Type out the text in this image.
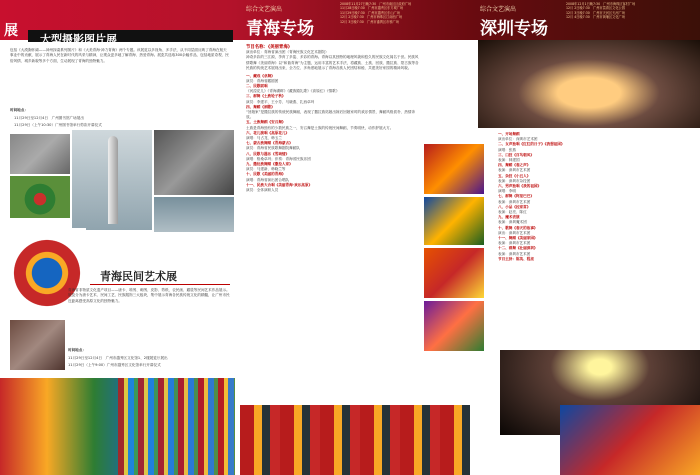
展
大型摄影图片展
包括《大漠胸怀阔——神州探索系列图片》和《大美青海·神力青海》两个专题。该展览以多视角、多手法，从不同层面反映了青海在航天事业中的贡献，展示了青海人民在新时代的风采与精神，让观众更多地了解青海、热爱青海。展览共选取300余幅作品，包括地质奇观、民俗风情、城乡新貌等多个方面，生动展现了青海的独特魅力。
时间地点：
11月29日至12月4日　广州图书馆广场展出
11月29日（上午10:30）广州图书馆举行剪彩开幕仪式
青海民间艺术展
青海省非物质文化遗产项目——唐卡、堆绣、刺绣、皮影、剪纸、农民画、藏毯等民间艺术作品展示。展览分为唐卡艺术、民间工艺、民族服饰三大板块，集中展示青海各民族传统文化的精髓，让广州市民近距离感受高原文化的独特魅力。
时间地点：
11月29日至12月4日　广州市越秀区文化馆1、2楼展览厅展出
11月29日（上午9:00）广州市越秀区文化馆举行开幕仪式
综合文艺演出
青海专场
2008年11月27日晚7:30　广州市南区区政府广场
11月28日晚7:30　广州市越秀区东方城广场
11月29日晚7:30　广州市越秀区东山广场
12月 2日晚7:30　广州市海珠区江南西广场
12月 3日晚7:30　广州市番禺区市桥广场
节目名称：《美丽青海》
演出单位：青海省演出团（青海民族文化艺术剧院）
神奇多彩的三江源，孕育了多姿、多彩的青海。青海以其独特的地理风貌和悠久的民族文化闻名于世。民族风情歌舞《美丽青海》以“和谐青海”为主题，运用丰富的艺术手法，将藏族、土族、回族、撒拉族、蒙古族等各民族的传统艺术展现出来，全方位、多角度地展示了青海各族人民团结和睦、共建美好家园的精神风貌。
一、藏戏《卓舞》
演员：青海省藏剧团
二、民歌联唱
《河湟花儿》《青海湖畔》《藏族婚礼歌》《高原红》《情歌》
三、群舞《土族轮子秋》
演员：李建平、王小芳、马晓燕、扎西卓玛
四、舞蹈《酒歌》
“回娘家”是撒拉族的传统民族舞蹈，表现了撒拉族姑娘出嫁后回娘家时的欢乐情景，舞蹈风格质朴、热情奔放。
五、土族舞蹈《安召舞》
土族是青海独有的少数民族之一，安召舞是土族的传统民间舞蹈，节奏明快，动作舒展大方。
六、花儿演唱《高原花儿》
演唱：马占龙、韩玉兰
七、蒙古族舞蹈《青海蒙古》
演员：青海省民族歌舞剧院舞蹈队
八、民歌与器乐《雪域情》
演唱：格桑卓玛；伴奏：青海省民族乐团
九、撒拉族舞蹈《撒拉人家》
演员：马建新、韩晓兰等
十、民歌《美丽的青海》
演唱：青海省演出团合唱队
十一、民族大合唱《美丽青海·欢乐高原》
演员：全体演职人员
综合文艺演出
深圳专场
2008年12月1日晚7:30　广州市海珠区客村广场
12月 2日晚7:30　广州市荔湾区文化公园
12月 3日晚7:30　广州市天河区天河广场
12月 4日晚7:30　广州市黄埔区文化广场
一、开场舞蹈
演出单位：深圳市艺术团
二、女声独唱《红红的日子》《我想祖国》
演唱：张燕
三、口技《百鸟朝凤》
表演：林建国
四、舞蹈《春之声》
表演：深圳市艺术团
五、杂技《小丑人》
表演：深圳市杂技团
六、男声独唱《我的祖国》
演唱：李明
七、群舞《阿里巴巴》
表演：深圳市艺术团
八、小品《拉家常》
表演：赵亮、陈红
九、魔术表演
表演：深圳魔术团
十、歌舞《春天的故事》
演出：深圳市艺术团
十一、舞蹈《美丽家园》
表演：深圳市艺术团
十二、群舞《壮丽深圳》
表演：深圳市艺术团
节目主持：陈英、程亮
